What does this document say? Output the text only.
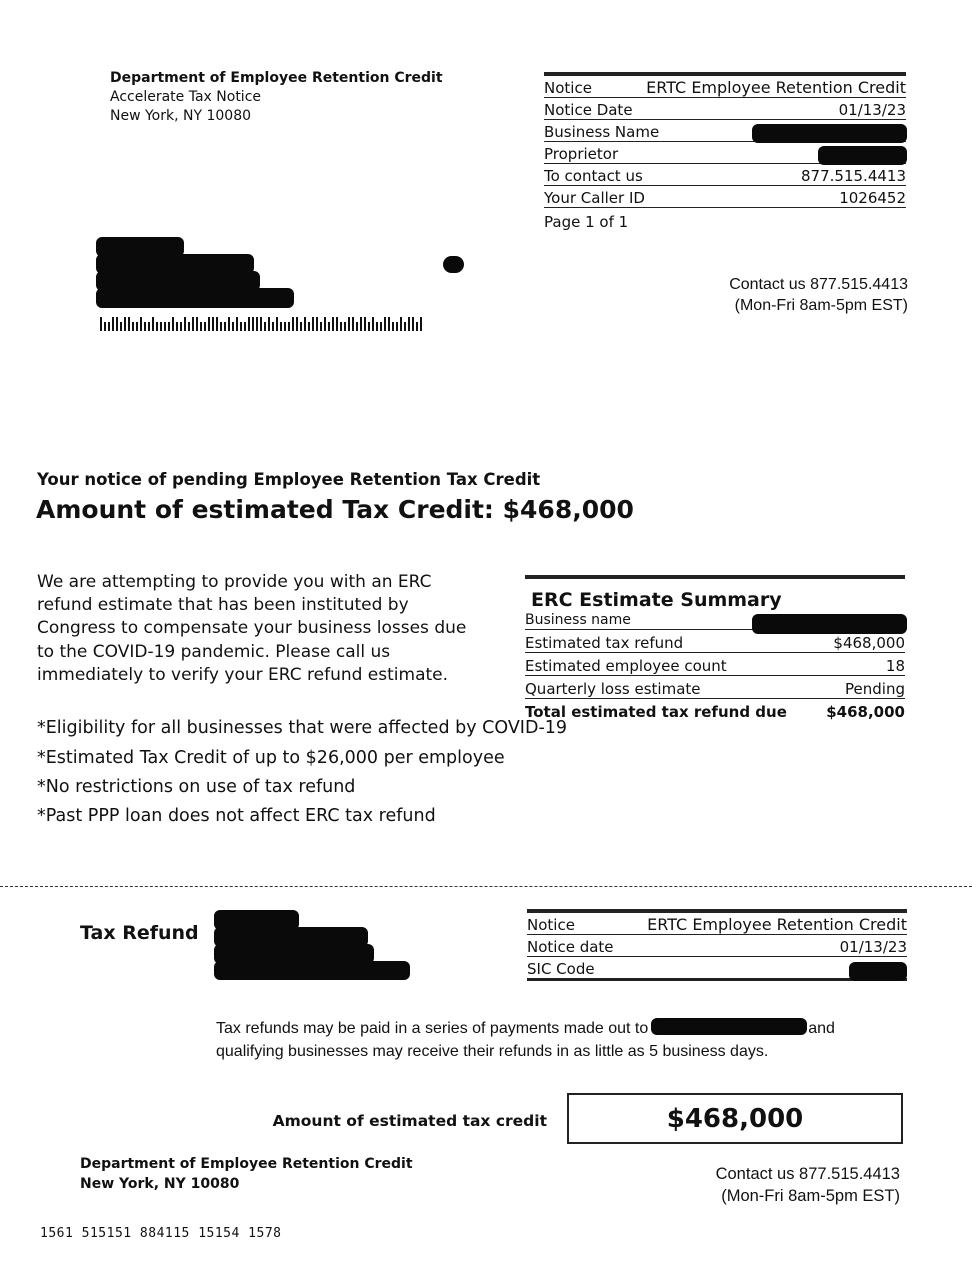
Department of Employee Retention Credit
Accelerate Tax Notice
New York, NY 10080
Notice	ERTC Employee Retention Credit
Notice Date	01/13/23
Business Name
Proprietor
To contact us	877.515.4413
Your Caller ID	1026452
Page 1 of 1
Contact us 877.515.4413
(Mon-Fri 8am-5pm EST)
Your notice of pending Employee Retention Tax Credit
Amount of estimated Tax Credit: $468,000
We are attempting to provide you with an ERC refund estimate that has been instituted by Congress to compensate your business losses due to the COVID-19 pandemic. Please call us immediately to verify your ERC refund estimate.
*Eligibility for all businesses that were affected by COVID-19
*Estimated Tax Credit of up to $26,000 per employee
*No restrictions on use of tax refund
*Past PPP loan does not affect ERC tax refund
ERC Estimate Summary
Business name
Estimated tax refund	$468,000
Estimated employee count	18
Quarterly loss estimate	Pending
Total estimated tax refund due	$468,000
Tax Refund	Notice	ERTC Employee Retention Credit
Notice date	01/13/23
SIC Code
Tax refunds may be paid in a series of payments made out to	and
qualifying businesses may receive their refunds in as little as 5 business days.
Amount of estimated tax credit	$468,000
Department of Employee Retention Credit
New York, NY 10080
Contact us 877.515.4413
(Mon-Fri 8am-5pm EST)
1561 515151 884115 15154 1578
